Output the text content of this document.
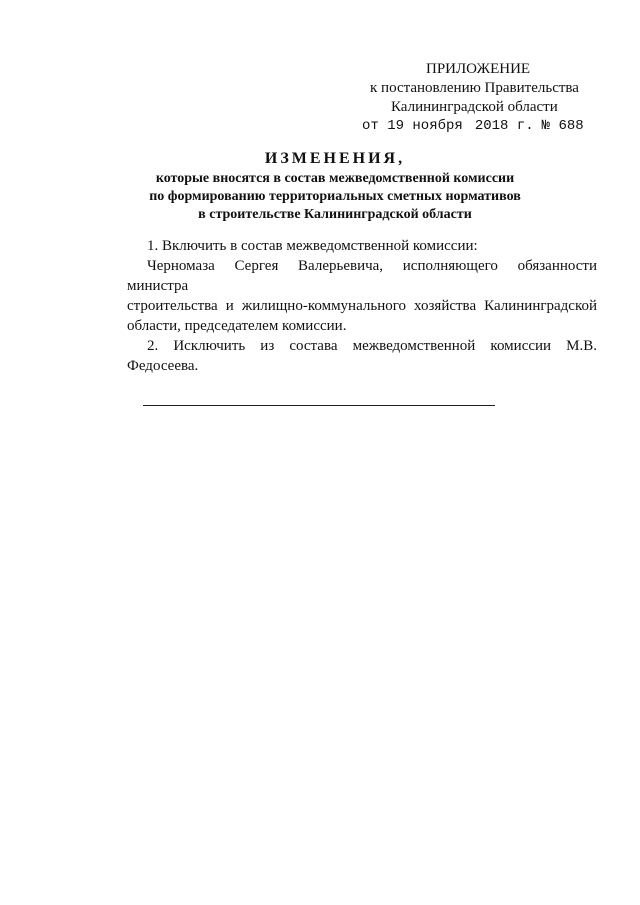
ПРИЛОЖЕНИЕ
к постановлению Правительства
Калининградской области
от 19 ноября 2018 г. № 688
ИЗМЕНЕНИЯ,
которые вносятся в состав межведомственной комиссии
по формированию территориальных сметных нормативов
в строительстве Калининградской области

1. Включить в состав межведомственной комиссии:

Черномаза Сергея Валерьевича, исполняющего обязанности министра

строительства и жилищно-коммунального хозяйства Калининградской

области, председателем комиссии.

2. Исключить из состава межведомственной комиссии М.В. Федосеева.
